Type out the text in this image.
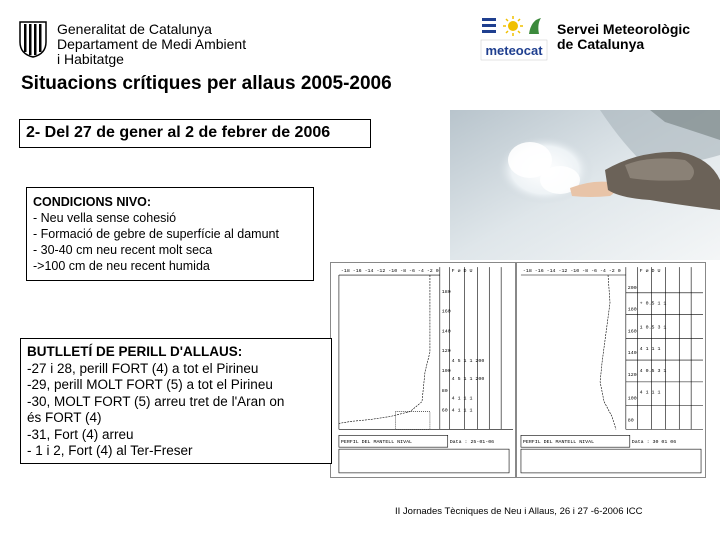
Generalitat de Catalunya
Departament de Medi Ambient
i Habitatge
Situacions crítiques per allaus 2005-2006
meteocat
Servei Meteorològic
de Catalunya
2- Del 27 de gener al 2 de febrer de 2006
-18 -16 -14 -12 -10 -8 -6 -4 -2 0	F ø D U
180
160
140
120
100
80
60
4 5 1 1 200
4 5 1 1 200
4 1 1 1
4 1 1 1
PERFIL DEL MANTELL NIVAL	Data : 25-01-06
-18 -16 -14 -12 -10 -8 -6 -4 -2 0	F ø D U
200
180
160
140
120
100
80
+ 0.5 1 1
1 0.5 3 1
4 1 1 1
4 0.5 3 1
4 1 1 1
PERFIL DEL MANTELL NIVAL	Data : 30 01 06
CONDICIONS NIVO:
- Neu vella sense cohesió
- Formació de gebre de superfície al damunt
- 30-40 cm neu recent molt seca
->100 cm de neu recent humida
BUTLLETÍ DE PERILL D'ALLAUS:
-27 i 28, perill FORT (4) a tot el Pirineu
-29, perill MOLT FORT (5) a tot el Pirineu
-30, MOLT FORT (5) arreu tret de l'Aran on
és FORT (4)
-31, Fort (4) arreu
- 1 i 2, Fort (4) al Ter-Freser
II Jornades Tècniques de Neu i Allaus, 26 i 27 -6-2006 ICC
